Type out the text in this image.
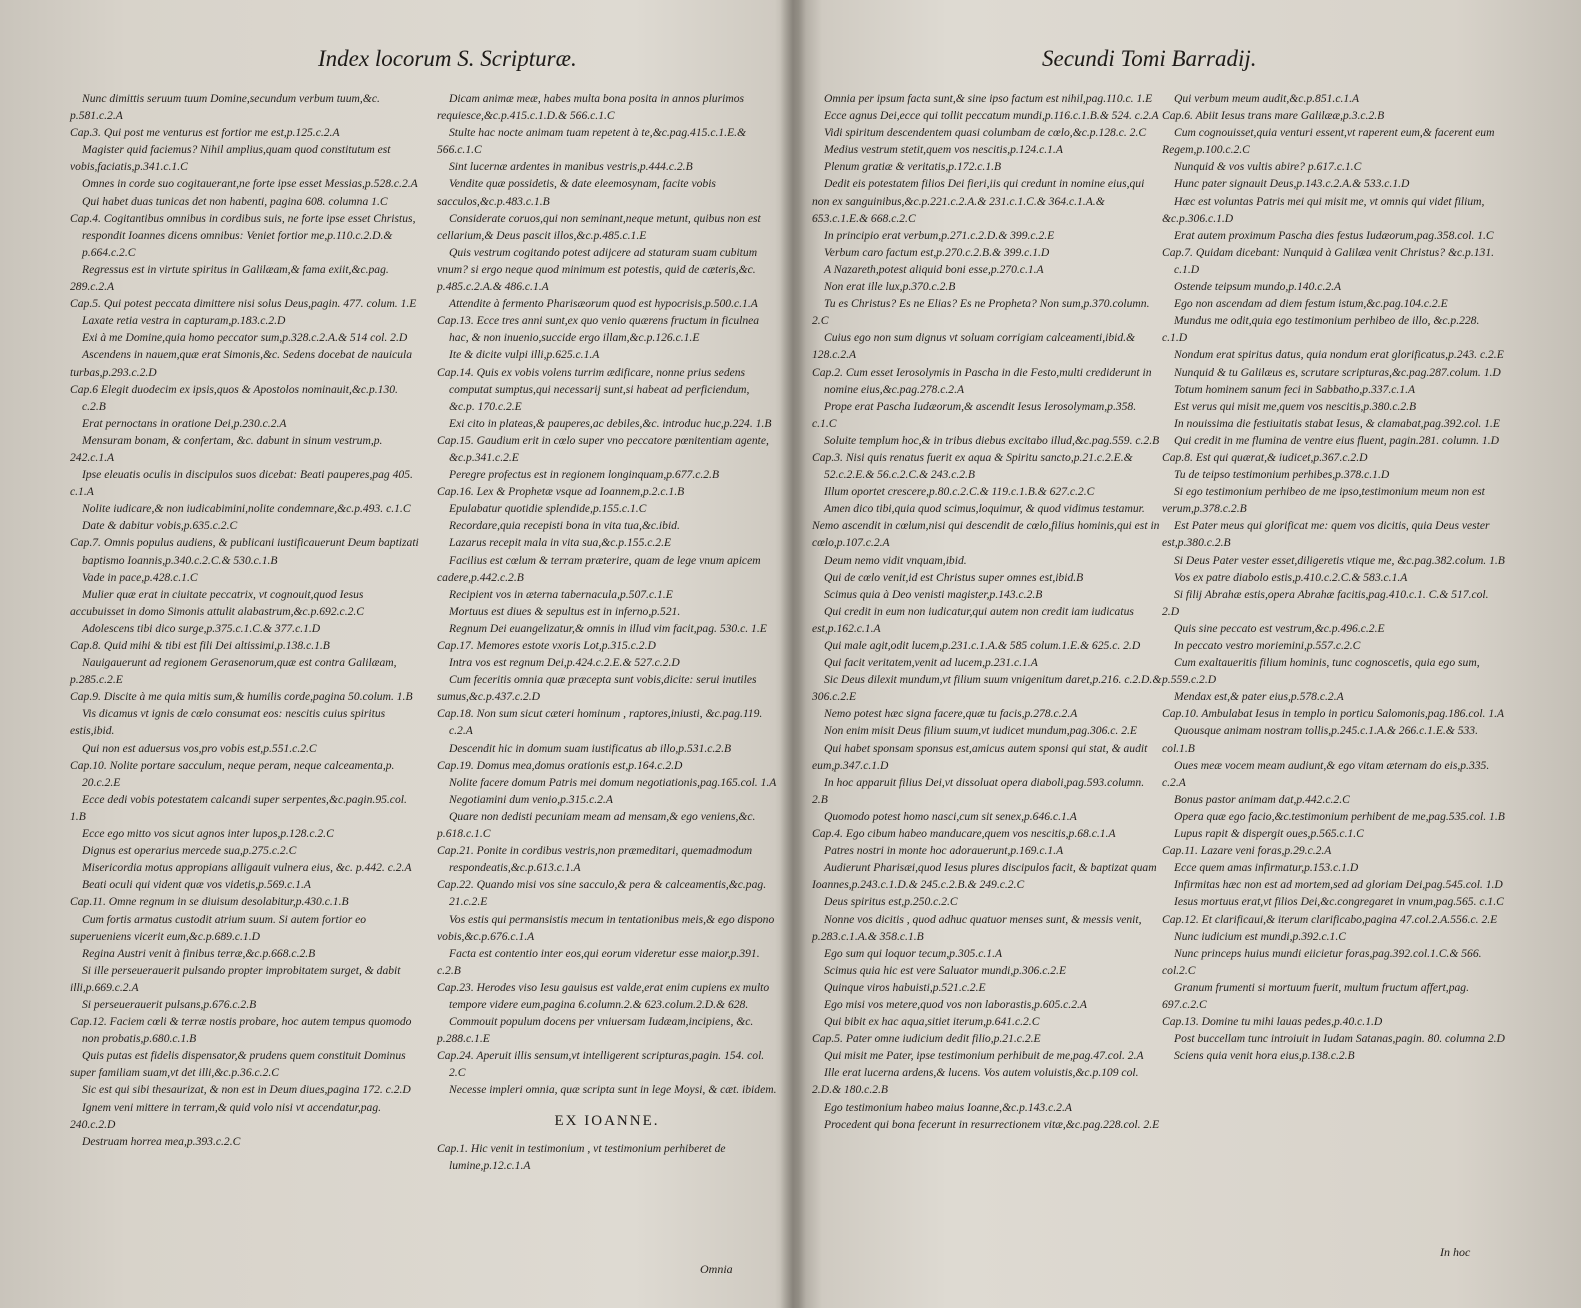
Index locorum S. Scripturæ.
Nunc dimittis seruum tuum Domine,secundum verbum tuum,&c. p.581.c.2.A
Cap.3. Qui post me venturus est fortior me est,p.125.c.2.A
Magister quid faciemus? Nihil amplius,quam quod constitutum est vobis,faciatis,p.341.c.1.C
Omnes in corde suo cogitauerant,ne forte ipse esset Messias,p.528.c.2.A
Qui habet duas tunicas det non habenti, pagina 608. columna 1.C
Cap.4. Cogitantibus omnibus in cordibus suis, ne forte ipse esset Christus, respondit Ioannes dicens omnibus: Veniet fortior me,p.110.c.2.D.& p.664.c.2.C
Regressus est in virtute spiritus in Galilæam,& fama exiit,&c.pag. 289.c.2.A
Cap.5. Qui potest peccata dimittere nisi solus Deus,pagin. 477. colum. 1.E
Laxate retia vestra in capturam,p.183.c.2.D
Exi à me Domine,quia homo peccator sum,p.328.c.2.A.& 514 col. 2.D
Ascendens in nauem,quæ erat Simonis,&c. Sedens docebat de nauicula turbas,p.293.c.2.D
Cap.6 Elegit duodecim ex ipsis,quos & Apostolos nominauit,&c.p.130. c.2.B
Erat pernoctans in oratione Dei,p.230.c.2.A
Mensuram bonam, & confertam, &c. dabunt in sinum vestrum,p. 242.c.1.A
Ipse eleuatis oculis in discipulos suos dicebat: Beati pauperes,pag 405. c.1.A
Nolite iudicare,& non iudicabimini,nolite condemnare,&c.p.493. c.1.C
Date & dabitur vobis,p.635.c.2.C
Cap.7. Omnis populus audiens, & publicani iustificauerunt Deum baptizati baptismo Ioannis,p.340.c.2.C.& 530.c.1.B
Vade in pace,p.428.c.1.C
Mulier quæ erat in ciuitate peccatrix, vt cognouit,quod Iesus accubuisset in domo Simonis attulit alabastrum,&c.p.692.c.2.C
Adolescens tibi dico surge,p.375.c.1.C.& 377.c.1.D
Cap.8. Quid mihi & tibi est fili Dei altissimi,p.138.c.1.B
Nauigauerunt ad regionem Gerasenorum,quæ est contra Galilæam, p.285.c.2.E
Cap.9. Discite à me quia mitis sum,& humilis corde,pagina 50.colum. 1.B
Vis dicamus vt ignis de cœlo consumat eos: nescitis cuius spiritus estis,ibid.
Qui non est aduersus vos,pro vobis est,p.551.c.2.C
Cap.10. Nolite portare sacculum, neque peram, neque calceamenta,p. 20.c.2.E
Ecce dedi vobis potestatem calcandi super serpentes,&c.pagin.95.col. 1.B
Ecce ego mitto vos sicut agnos inter lupos,p.128.c.2.C
Dignus est operarius mercede sua,p.275.c.2.C
Misericordia motus appropians alligauit vulnera eius, &c. p.442. c.2.A
Beati oculi qui vident quæ vos videtis,p.569.c.1.A
Cap.11. Omne regnum in se diuisum desolabitur,p.430.c.1.B
Cum fortis armatus custodit atrium suum. Si autem fortior eo superueniens vicerit eum,&c.p.689.c.1.D
Regina Austri venit à finibus terræ,&c.p.668.c.2.B
Si ille perseuerauerit pulsando propter improbitatem surget, & dabit illi,p.669.c.2.A
Si perseuerauerit pulsans,p.676.c.2.B
Cap.12. Faciem cœli & terræ nostis probare, hoc autem tempus quomodo non probatis,p.680.c.1.B
Quis putas est fidelis dispensator,& prudens quem constituit Dominus super familiam suam,vt det illi,&c.p.36.c.2.C
Sic est qui sibi thesaurizat, & non est in Deum diues,pagina 172. c.2.D
Ignem veni mittere in terram,& quid volo nisi vt accendatur,pag. 240.c.2.D
Destruam horrea mea,p.393.c.2.C
Dicam animæ meæ, habes multa bona posita in annos plurimos requiesce,&c.p.415.c.1.D.& 566.c.1.C
Stulte hac nocte animam tuam repetent à te,&c.pag.415.c.1.E.& 566.c.1.C
Sint lucernæ ardentes in manibus vestris,p.444.c.2.B
Vendite quæ possidetis, & date eleemosynam, facite vobis sacculos,&c.p.483.c.1.B
Considerate coruos,qui non seminant,neque metunt, quibus non est cellarium,& Deus pascit illos,&c.p.485.c.1.E
Quis vestrum cogitando potest adijcere ad staturam suam cubitum vnum? si ergo neque quod minimum est potestis, quid de cæteris,&c. p.485.c.2.A.& 486.c.1.A
Attendite à fermento Pharisæorum quod est hypocrisis,p.500.c.1.A
Cap.13. Ecce tres anni sunt,ex quo venio quærens fructum in ficulnea hac, & non inuenio,succide ergo illam,&c.p.126.c.1.E
Ite & dicite vulpi illi,p.625.c.1.A
Cap.14. Quis ex vobis volens turrim ædificare, nonne prius sedens computat sumptus,qui necessarij sunt,si habeat ad perficiendum, &c.p. 170.c.2.E
Exi cito in plateas,& pauperes,ac debiles,&c. introduc huc,p.224. 1.B
Cap.15. Gaudium erit in cœlo super vno peccatore pœnitentiam agente, &c.p.341.c.2.E
Peregre profectus est in regionem longinquam,p.677.c.2.B
Cap.16. Lex & Prophetæ vsque ad Ioannem,p.2.c.1.B
Epulabatur quotidie splendide,p.155.c.1.C
Recordare,quia recepisti bona in vita tua,&c.ibid.
Lazarus recepit mala in vita sua,&c.p.155.c.2.E
Facilius est cœlum & terram præterire, quam de lege vnum apicem cadere,p.442.c.2.B
Recipient vos in æterna tabernacula,p.507.c.1.E
Mortuus est diues & sepultus est in inferno,p.521.
Regnum Dei euangelizatur,& omnis in illud vim facit,pag. 530.c. 1.E
Cap.17. Memores estote vxoris Lot,p.315.c.2.D
Intra vos est regnum Dei,p.424.c.2.E.& 527.c.2.D
Cum feceritis omnia quæ præcepta sunt vobis,dicite: serui inutiles sumus,&c.p.437.c.2.D
Cap.18. Non sum sicut cæteri hominum , raptores,iniusti, &c.pag.119. c.2.A
Descendit hic in domum suam iustificatus ab illo,p.531.c.2.B
Cap.19. Domus mea,domus orationis est,p.164.c.2.D
Nolite facere domum Patris mei domum negotiationis,pag.165.col. 1.A
Negotiamini dum venio,p.315.c.2.A
Quare non dedisti pecuniam meam ad mensam,& ego veniens,&c. p.618.c.1.C
Cap.21. Ponite in cordibus vestris,non præmeditari, quemadmodum respondeatis,&c.p.613.c.1.A
Cap.22. Quando misi vos sine sacculo,& pera & calceamentis,&c.pag. 21.c.2.E
Vos estis qui permansistis mecum in tentationibus meis,& ego dispono vobis,&c.p.676.c.1.A
Facta est contentio inter eos,qui eorum videretur esse maior,p.391. c.2.B
Cap.23. Herodes viso Iesu gauisus est valde,erat enim cupiens ex multo tempore videre eum,pagina 6.column.2.& 623.colum.2.D.& 628.
Commouit populum docens per vniuersam Iudæam,incipiens, &c. p.288.c.1.E
Cap.24. Aperuit illis sensum,vt intelligerent scripturas,pagin. 154. col. 2.C
Necesse impleri omnia, quæ scripta sunt in lege Moysi, & cæt. ibidem.
EX IOANNE.
Cap.1. Hic venit in testimonium , vt testimonium perhiberet de lumine,p.12.c.1.A
Omnia
Secundi Tomi Barradij.
Omnia per ipsum facta sunt,& sine ipso factum est nihil,pag.110.c. 1.E
Ecce agnus Dei,ecce qui tollit peccatum mundi,p.116.c.1.B.& 524. c.2.A
Vidi spiritum descendentem quasi columbam de cœlo,&c.p.128.c. 2.C
Medius vestrum stetit,quem vos nescitis,p.124.c.1.A
Plenum gratiæ & veritatis,p.172.c.1.B
Dedit eis potestatem filios Dei fieri,iis qui credunt in nomine eius,qui non ex sanguinibus,&c.p.221.c.2.A.& 231.c.1.C.& 364.c.1.A.& 653.c.1.E.& 668.c.2.C
In principio erat verbum,p.271.c.2.D.& 399.c.2.E
Verbum caro factum est,p.270.c.2.B.& 399.c.1.D
A Nazareth,potest aliquid boni esse,p.270.c.1.A
Non erat ille lux,p.370.c.2.B
Tu es Christus? Es ne Elias? Es ne Propheta? Non sum,p.370.column. 2.C
Cuius ego non sum dignus vt soluam corrigiam calceamenti,ibid.& 128.c.2.A
Cap.2. Cum esset Ierosolymis in Pascha in die Festo,multi crediderunt in nomine eius,&c.pag.278.c.2.A
Prope erat Pascha Iudæorum,& ascendit Iesus Ierosolymam,p.358. c.1.C
Soluite templum hoc,& in tribus diebus excitabo illud,&c.pag.559. c.2.B
Cap.3. Nisi quis renatus fuerit ex aqua & Spiritu sancto,p.21.c.2.E.& 52.c.2.E.& 56.c.2.C.& 243.c.2.B
Illum oportet crescere,p.80.c.2.C.& 119.c.1.B.& 627.c.2.C
Amen dico tibi,quia quod scimus,loquimur, & quod vidimus testamur. Nemo ascendit in cœlum,nisi qui descendit de cœlo,filius hominis,qui est in cœlo,p.107.c.2.A
Deum nemo vidit vnquam,ibid.
Qui de cœlo venit,id est Christus super omnes est,ibid.B
Scimus quia à Deo venisti magister,p.143.c.2.B
Qui credit in eum non iudicatur,qui autem non credit iam iudicatus est,p.162.c.1.A
Qui male agit,odit lucem,p.231.c.1.A.& 585 colum.1.E.& 625.c. 2.D
Qui facit veritatem,venit ad lucem,p.231.c.1.A
Sic Deus dilexit mundum,vt filium suum vnigenitum daret,p.216. c.2.D.& 306.c.2.E
Nemo potest hæc signa facere,quæ tu facis,p.278.c.2.A
Non enim misit Deus filium suum,vt iudicet mundum,pag.306.c. 2.E
Qui habet sponsam sponsus est,amicus autem sponsi qui stat, & audit eum,p.347.c.1.D
In hoc apparuit filius Dei,vt dissoluat opera diaboli,pag.593.column. 2.B
Quomodo potest homo nasci,cum sit senex,p.646.c.1.A
Cap.4. Ego cibum habeo manducare,quem vos nescitis,p.68.c.1.A
Patres nostri in monte hoc adorauerunt,p.169.c.1.A
Audierunt Pharisæi,quod Iesus plures discipulos facit, & baptizat quam Ioannes,p.243.c.1.D.& 245.c.2.B.& 249.c.2.C
Deus spiritus est,p.250.c.2.C
Nonne vos dicitis , quod adhuc quatuor menses sunt, & messis venit, p.283.c.1.A.& 358.c.1.B
Ego sum qui loquor tecum,p.305.c.1.A
Scimus quia hic est vere Saluator mundi,p.306.c.2.E
Quinque viros habuisti,p.521.c.2.E
Ego misi vos metere,quod vos non laborastis,p.605.c.2.A
Qui bibit ex hac aqua,sitiet iterum,p.641.c.2.C
Cap.5. Pater omne iudicium dedit filio,p.21.c.2.E
Qui misit me Pater, ipse testimonium perhibuit de me,pag.47.col. 2.A
Ille erat lucerna ardens,& lucens. Vos autem voluistis,&c.p.109 col. 2.D.& 180.c.2.B
Ego testimonium habeo maius Ioanne,&c.p.143.c.2.A
Procedent qui bona fecerunt in resurrectionem vitæ,&c.pag.228.col. 2.E
Qui verbum meum audit,&c.p.851.c.1.A
Cap.6. Abiit Iesus trans mare Galilææ,p.3.c.2.B
Cum cognouisset,quia venturi essent,vt raperent eum,& facerent eum Regem,p.100.c.2.C
Nunquid & vos vultis abire? p.617.c.1.C
Hunc pater signauit Deus,p.143.c.2.A.& 533.c.1.D
Hæc est voluntas Patris mei qui misit me, vt omnis qui videt filium, &c.p.306.c.1.D
Erat autem proximum Pascha dies festus Iudæorum,pag.358.col. 1.C
Cap.7. Quidam dicebant: Nunquid à Galilæa venit Christus? &c.p.131. c.1.D
Ostende teipsum mundo,p.140.c.2.A
Ego non ascendam ad diem festum istum,&c.pag.104.c.2.E
Mundus me odit,quia ego testimonium perhibeo de illo, &c.p.228. c.1.D
Nondum erat spiritus datus, quia nondum erat glorificatus,p.243. c.2.E
Nunquid & tu Galilæus es, scrutare scripturas,&c.pag.287.colum. 1.D
Totum hominem sanum feci in Sabbatho,p.337.c.1.A
Est verus qui misit me,quem vos nescitis,p.380.c.2.B
In nouissima die festiuitatis stabat Iesus, & clamabat,pag.392.col. 1.E
Qui credit in me flumina de ventre eius fluent, pagin.281. column. 1.D
Cap.8. Est qui quærat,& iudicet,p.367.c.2.D
Tu de teipso testimonium perhibes,p.378.c.1.D
Si ego testimonium perhibeo de me ipso,testimonium meum non est verum,p.378.c.2.B
Est Pater meus qui glorificat me: quem vos dicitis, quia Deus vester est,p.380.c.2.B
Si Deus Pater vester esset,diligeretis vtique me, &c.pag.382.colum. 1.B
Vos ex patre diabolo estis,p.410.c.2.C.& 583.c.1.A
Si filij Abrahæ estis,opera Abrahæ facitis,pag.410.c.1. C.& 517.col. 2.D
Quis sine peccato est vestrum,&c.p.496.c.2.E
In peccato vestro moriemini,p.557.c.2.C
Cum exaltaueritis filium hominis, tunc cognoscetis, quia ego sum, p.559.c.2.D
Mendax est,& pater eius,p.578.c.2.A
Cap.10. Ambulabat Iesus in templo in porticu Salomonis,pag.186.col. 1.A
Quousque animam nostram tollis,p.245.c.1.A.& 266.c.1.E.& 533. col.1.B
Oues meæ vocem meam audiunt,& ego vitam æternam do eis,p.335. c.2.A
Bonus pastor animam dat,p.442.c.2.C
Opera quæ ego facio,&c.testimonium perhibent de me,pag.535.col. 1.B
Lupus rapit & dispergit oues,p.565.c.1.C
Cap.11. Lazare veni foras,p.29.c.2.A
Ecce quem amas infirmatur,p.153.c.1.D
Infirmitas hæc non est ad mortem,sed ad gloriam Dei,pag.545.col. 1.D
Iesus mortuus erat,vt filios Dei,&c.congregaret in vnum,pag.565. c.1.C
Cap.12. Et clarificaui,& iterum clarificabo,pagina 47.col.2.A.556.c. 2.E
Nunc iudicium est mundi,p.392.c.1.C
Nunc princeps huius mundi eiicietur foras,pag.392.col.1.C.& 566. col.2.C
Granum frumenti si mortuum fuerit, multum fructum affert,pag. 697.c.2.C
Cap.13. Domine tu mihi lauas pedes,p.40.c.1.D
Post buccellam tunc introiuit in Iudam Satanas,pagin. 80. columna 2.D
Sciens quia venit hora eius,p.138.c.2.B
In hoc
